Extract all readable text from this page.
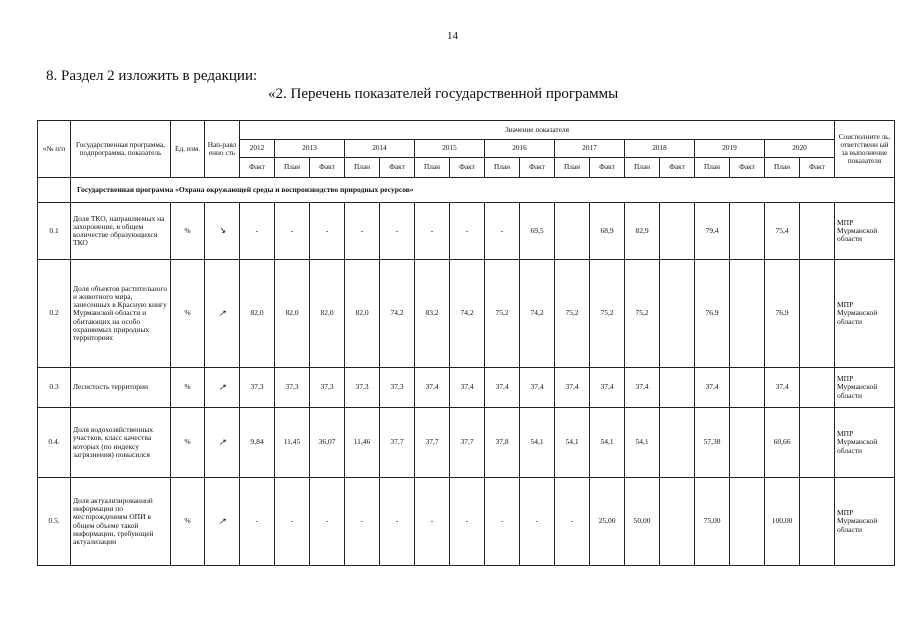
14
8. Раздел 2 изложить в редакции:
«2. Перечень показателей государственной программы
«№ п/п	Государственная программа, подпрограмма, показатель	Ед. изм.	Нап-равл енно сть	Значение показателя																	Соисполните ль, ответственн ый за выполнение показателя
				2012	2013		2014		2015		2016		2017		2018		2019		2020		
				Факт	План	Факт	План	Факт	План	Факт	План	Факт	План	Факт	План	Факт	План	Факт	План	Факт	
	Государственная программа «Охрана окружающей среды и воспроизводство природных ресурсов»																				
0.1	Доля ТКО, направляемых на захоронение, в общем количестве образующихся ТКО	%	↘	-	-	-	-	-	-	-	-	69,5		68,9	82,9		79,4		75,4		МПР Мурманской области
0.2	Доля объектов растительного и животного мира, занесенных в Красную книгу Мурманской области и обитающих на особо охраняемых природных территориях	%	↗	82,0	82,0	82,0	82,0	74,2	83,2	74,2	75,2	74,2	75,2	75,2	75,2		76,9		76,9		МПР Мурманской области
0.3	Лесистость территории	%	↗	37,3	37,3	37,3	37,3	37,3	37,4	37,4	37,4	37,4	37,4	37,4	37,4		37,4		37,4		МПР Мурманской области
0.4.	Доля водохозяйственных участков, класс качества которых (по индексу загрязнения) повысился	%	↗	9,84	11,45	36,07	11,46	37,7	37,7	37,7	37,8	54,1	54,1	54,1	54,1		57,38		60,66		МПР Мурманской области
0.5.	Доля актуализированной информации по месторождениям ОПИ в общем объеме такой информации, требующей актуализации	%	↗	-	-	-	-	-	-	-	-	-	-	25,00	50,00		75,00		100,00		МПР Мурманской области
